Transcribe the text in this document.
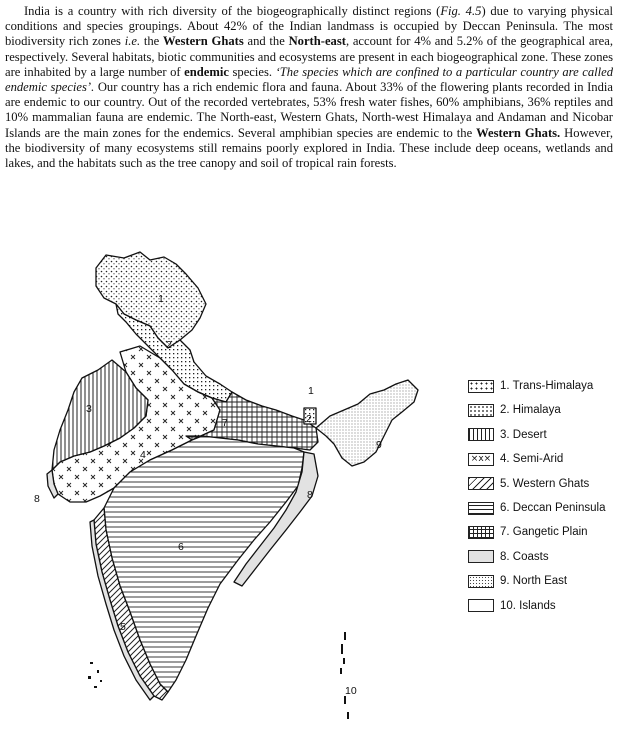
India is a country with rich diversity of the biogeographically distinct regions (Fig. 4.5) due to varying physical conditions and species groupings. About 42% of the Indian landmass is occupied by Deccan Peninsula. The most biodiversity rich zones i.e. the Western Ghats and the North-east, account for 4% and 5.2% of the geographical area, respectively. Several habitats, biotic communities and ecosystems are present in each biogeographical zone. These zones are inhabited by a large number of endemic species. ‘The species which are confined to a particular country are called endemic species’. Our country has a rich endemic flora and fauna. About 33% of the flowering plants recorded in India are endemic to our country. Out of the recorded vertebrates, 53% fresh water fishes, 60% amphibians, 36% reptiles and 10% mammalian fauna are endemic. The North-east, Western Ghats, North-west Himalaya and Andaman and Nicobar Islands are the main zones for the endemics. Several amphibian species are endemic to the Western Ghats. However, the biodiversity of many ecosystems still remains poorly explored in India. These include deep oceans, wetlands and lakes, and the habitats such as the tree canopy and soil of tropical rain forests.

1
2
3
4
5
6
7
8	8
9
1
2
10
1. Trans-Himalaya
2. Himalaya
3. Desert
×x× 4. Semi-Arid
5. Western Ghats
6. Deccan Peninsula
7. Gangetic Plain
8. Coasts
9. North East
10. Islands
